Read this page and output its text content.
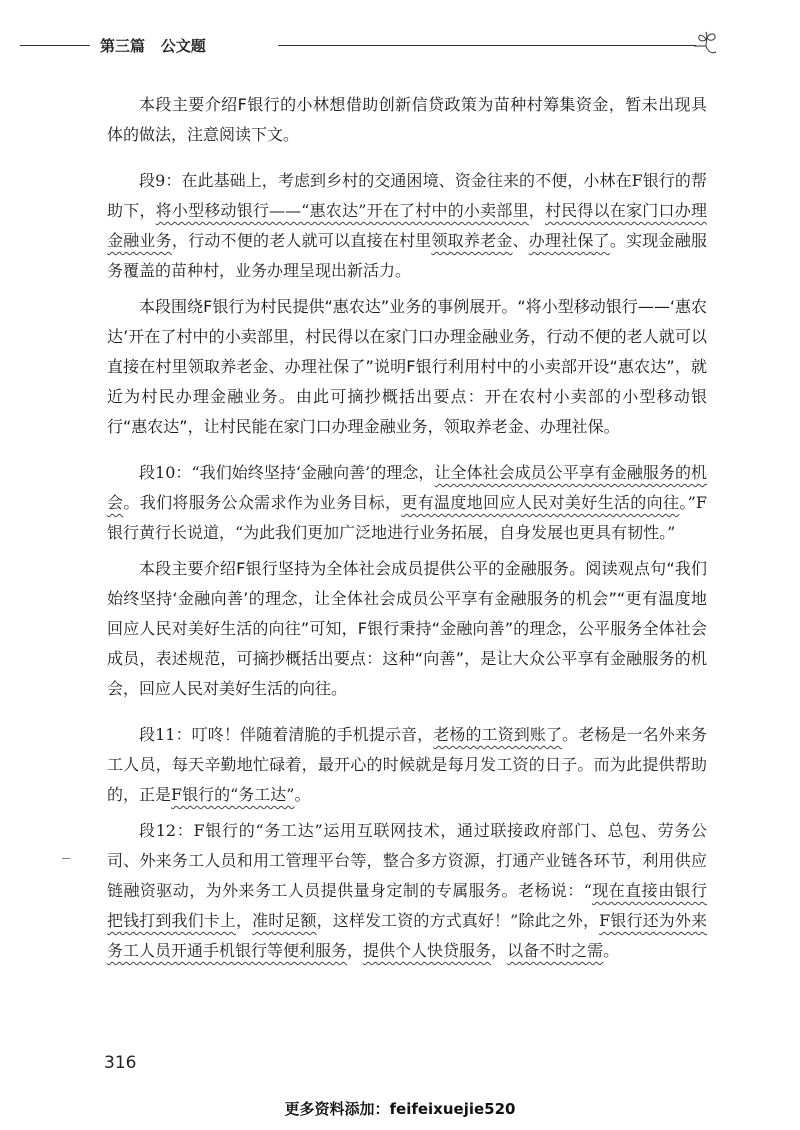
第三篇 公文题

本段主要介绍F银行的小林想借助创新信贷政策为苗种村筹集资金，暂未出现具体的做法，注意阅读下文。

段9：在此基础上，考虑到乡村的交通困境、资金往来的不便，小林在F银行的帮助下，将小型移动银行——“惠农达”开在了村中的小卖部里，村民得以在家门口办理金融业务，行动不便的老人就可以直接在村里领取养老金、办理社保了。实现金融服务覆盖的苗种村，业务办理呈现出新活力。

本段围绕F银行为村民提供“惠农达”业务的事例展开。“将小型移动银行——‘惠农达’开在了村中的小卖部里，村民得以在家门口办理金融业务，行动不便的老人就可以直接在村里领取养老金、办理社保了”说明F银行利用村中的小卖部开设“惠农达”，就近为村民办理金融业务。由此可摘抄概括出要点：开在农村小卖部的小型移动银行“惠农达”，让村民能在家门口办理金融业务，领取养老金、办理社保。

段10：“我们始终坚持‘金融向善’的理念，让全体社会成员公平享有金融服务的机会。我们将服务公众需求作为业务目标，更有温度地回应人民对美好生活的向往。”F银行黄行长说道，“为此我们更加广泛地进行业务拓展，自身发展也更具有韧性。”

本段主要介绍F银行坚持为全体社会成员提供公平的金融服务。阅读观点句“我们始终坚持‘金融向善’的理念，让全体社会成员公平享有金融服务的机会”“更有温度地回应人民对美好生活的向往”可知，F银行秉持“金融向善”的理念，公平服务全体社会成员，表述规范，可摘抄概括出要点：这种“向善”，是让大众公平享有金融服务的机会，回应人民对美好生活的向往。

段11：叮咚！伴随着清脆的手机提示音，老杨的工资到账了。老杨是一名外来务工人员，每天辛勤地忙碌着，最开心的时候就是每月发工资的日子。而为此提供帮助的，正是F银行的“务工达”。

段12：F银行的“务工达”运用互联网技术，通过联接政府部门、总包、劳务公司、外来务工人员和用工管理平台等，整合多方资源，打通产业链各环节，利用供应链融资驱动，为外来务工人员提供量身定制的专属服务。老杨说：“现在直接由银行把钱打到我们卡上，准时足额，这样发工资的方式真好！”除此之外，F银行还为外来务工人员开通手机银行等便利服务，提供个人快贷服务，以备不时之需。

316
更多资料添加：feifeixuejie520
